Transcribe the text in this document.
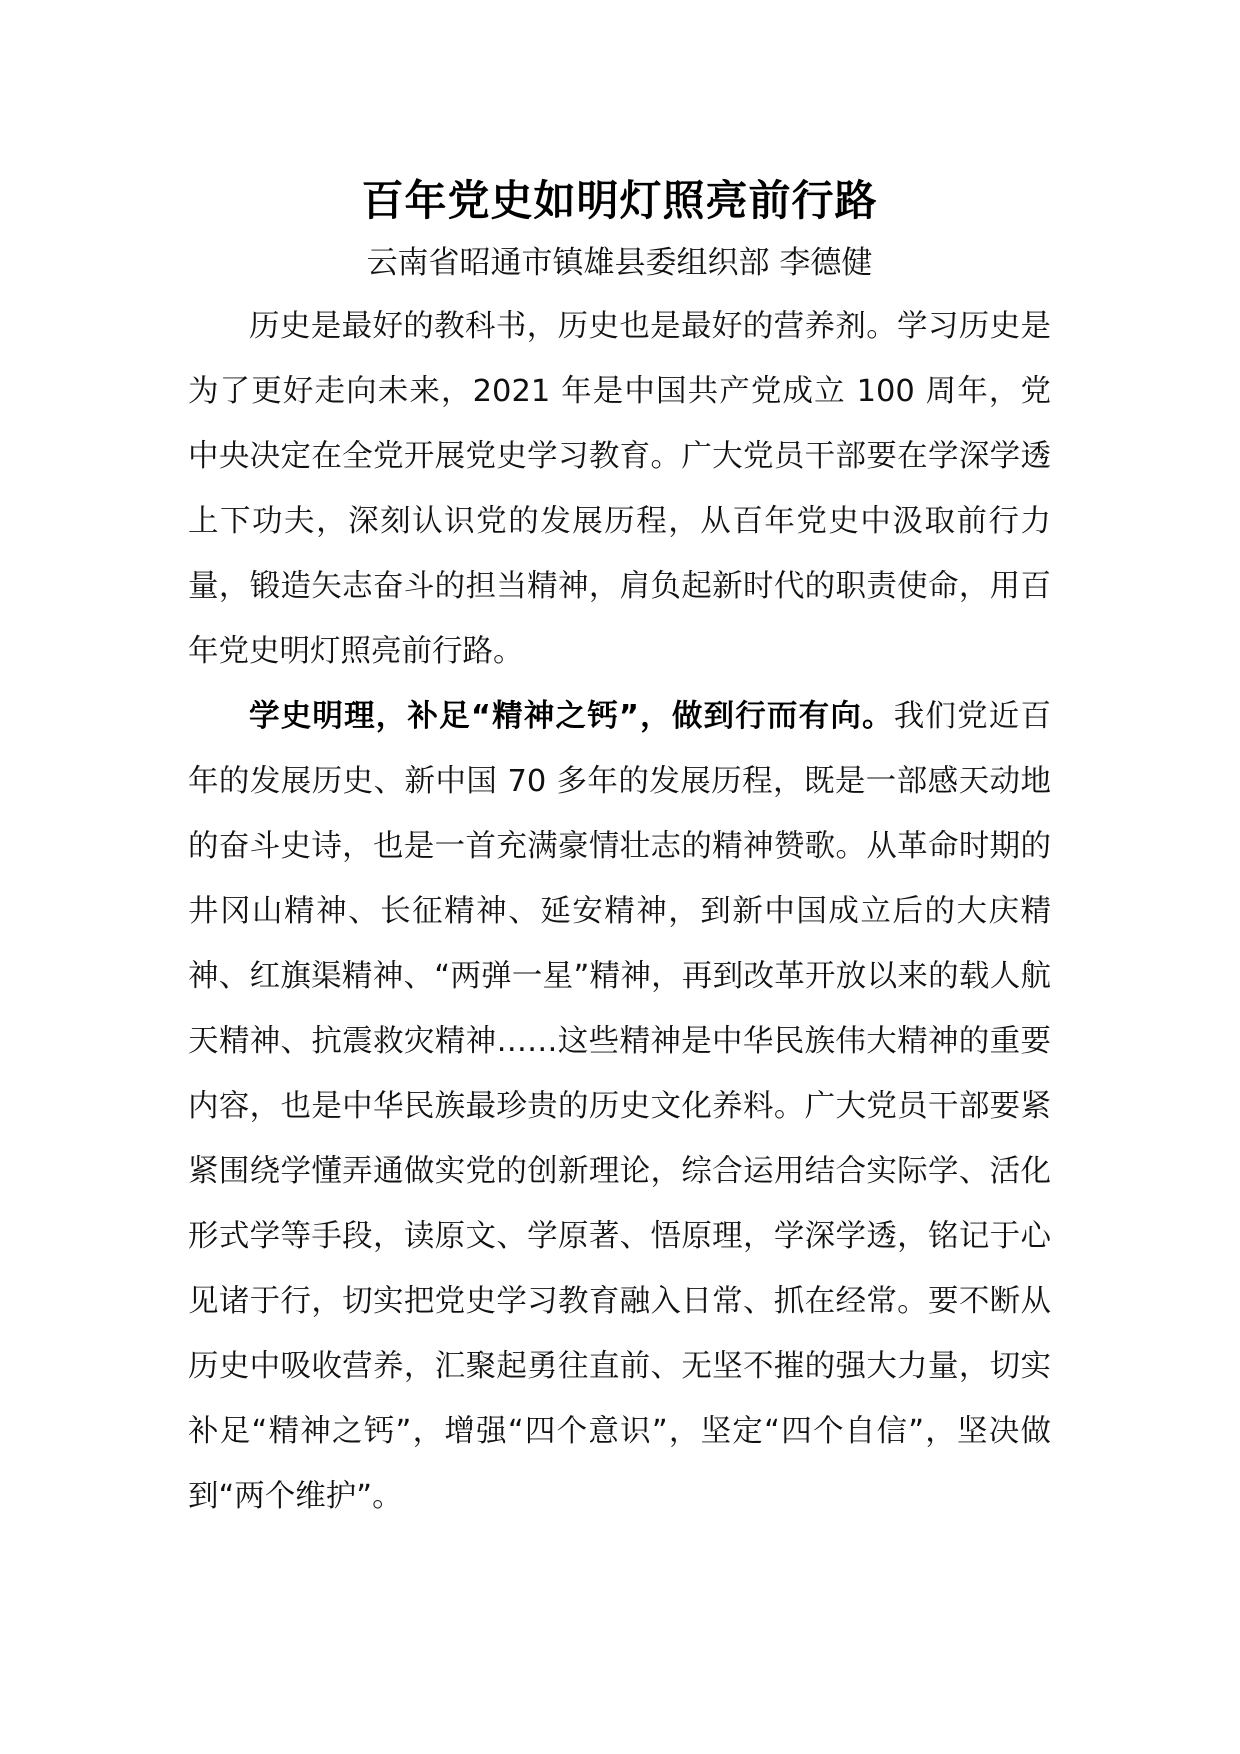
百年党史如明灯照亮前行路

云南省昭通市镇雄县委组织部 李德健

历史是最好的教科书，历史也是最好的营养剂。学习历史是为了更好走向未来，2021 年是中国共产党成立 100 周年，党中央决定在全党开展党史学习教育。广大党员干部要在学深学透上下功夫，深刻认识党的发展历程，从百年党史中汲取前行力量，锻造矢志奋斗的担当精神，肩负起新时代的职责使命，用百年党史明灯照亮前行路。

学史明理，补足“精神之钙”，做到行而有向。我们党近百年的发展历史、新中国 70 多年的发展历程，既是一部感天动地的奋斗史诗，也是一首充满豪情壮志的精神赞歌。从革命时期的井冈山精神、长征精神、延安精神，到新中国成立后的大庆精神、红旗渠精神、“两弹一星”精神，再到改革开放以来的载人航天精神、抗震救灾精神……这些精神是中华民族伟大精神的重要内容，也是中华民族最珍贵的历史文化养料。广大党员干部要紧紧围绕学懂弄通做实党的创新理论，综合运用结合实际学、活化形式学等手段，读原文、学原著、悟原理，学深学透，铭记于心见诸于行，切实把党史学习教育融入日常、抓在经常。要不断从历史中吸收营养，汇聚起勇往直前、无坚不摧的强大力量，切实补足“精神之钙”，增强“四个意识”，坚定“四个自信”，坚决做到“两个维护”。
